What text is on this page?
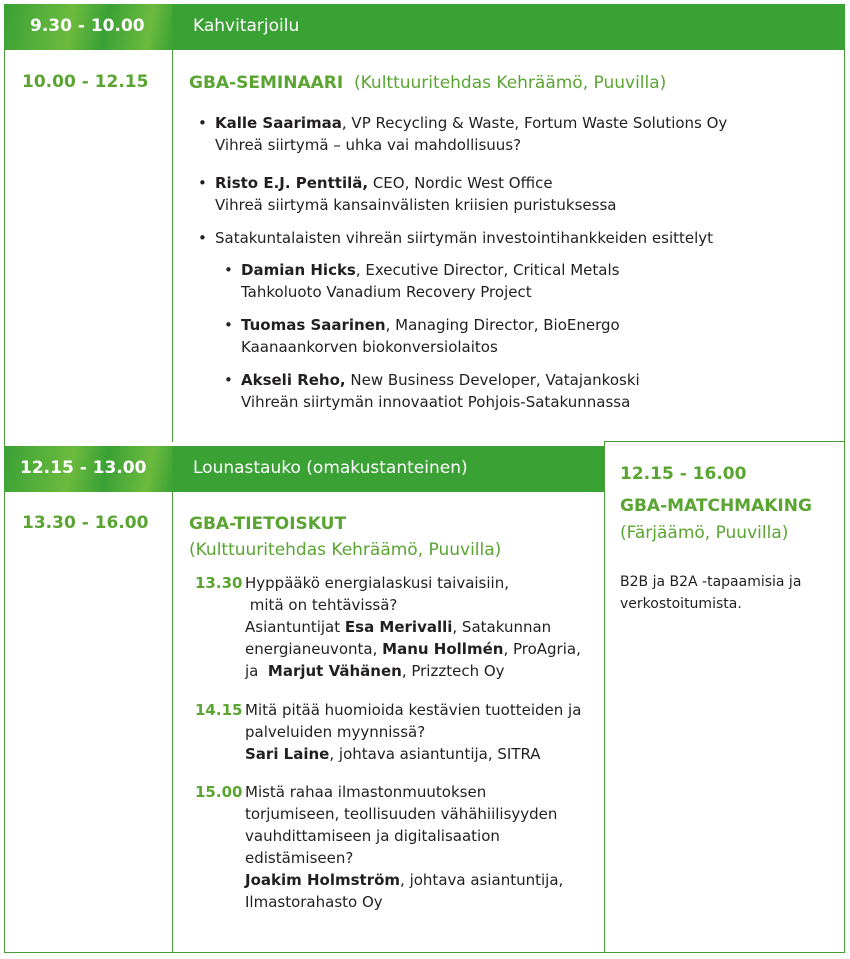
9.30 - 10.00	Kahvitarjoilu
10.00 - 12.15 GBA-SEMINAARI (Kulttuuritehdas Kehräämö, Puuvilla)
• Kalle Saarimaa, VP Recycling & Waste, Fortum Waste Solutions Oy
Vihreä siirtymä – uhka vai mahdollisuus?
• Risto E.J. Penttilä, CEO, Nordic West Office
Vihreä siirtymä kansainvälisten kriisien puristuksessa
• Satakuntalaisten vihreän siirtymän investointihankkeiden esittelyt
• Damian Hicks, Executive Director, Critical Metals
Tahkoluoto Vanadium Recovery Project
• Tuomas Saarinen, Managing Director, BioEnergo
Kaanaankorven biokonversiolaitos
• Akseli Reho, New Business Developer, Vatajankoski
Vihreän siirtymän innovaatiot Pohjois-Satakunnassa
12.15 - 13.00	Lounastauko (omakustanteinen)
13.30 - 16.00 GBA-TIETOISKUT
(Kulttuuritehdas Kehräämö, Puuvilla)
13.30 Hyppääkö energialaskusi taivaisiin,
mitä on tehtävissä?
Asiantuntijat Esa Merivalli, Satakunnan
energianeuvonta, Manu Hollmén, ProAgria,
ja  Marjut Vähänen, Prizztech Oy
14.15 Mitä pitää huomioida kestävien tuotteiden ja
palveluiden myynnissä?
Sari Laine, johtava asiantuntija, SITRA
15.00 Mistä rahaa ilmastonmuutoksen
torjumiseen, teollisuuden vähähiilisyyden
vauhdittamiseen ja digitalisaation
edistämiseen?
Joakim Holmström, johtava asiantuntija,
Ilmastorahasto Oy
12.15 - 16.00
GBA-MATCHMAKING
(Färjäämö, Puuvilla)
B2B ja B2A -tapaamisia ja
verkostoitumista.
